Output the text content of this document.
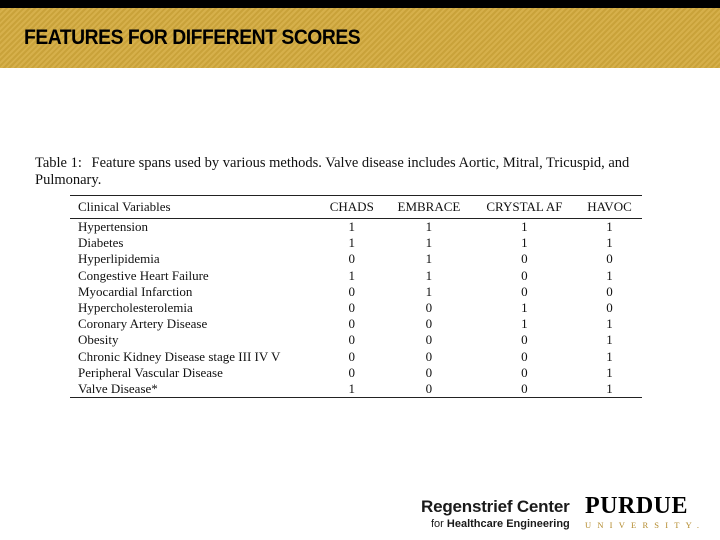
FEATURES FOR DIFFERENT SCORES
Table 1: Feature spans used by various methods. Valve disease includes Aortic, Mitral, Tricuspid, and Pulmonary.
Clinical Variables	CHADS	EMBRACE	CRYSTAL AF	HAVOC
Hypertension	1	1	1	1
Diabetes	1	1	1	1
Hyperlipidemia	0	1	0	0
Congestive Heart Failure	1	1	0	1
Myocardial Infarction	0	1	0	0
Hypercholesterolemia	0	0	1	0
Coronary Artery Disease	0	0	1	1
Obesity	0	0	0	1
Chronic Kidney Disease stage III IV V	0	0	0	1
Peripheral Vascular Disease	0	0	0	1
Valve Disease*	1	0	0	1
Regenstrief Center
for Healthcare Engineering
PURDUE
UNIVERSITY.
